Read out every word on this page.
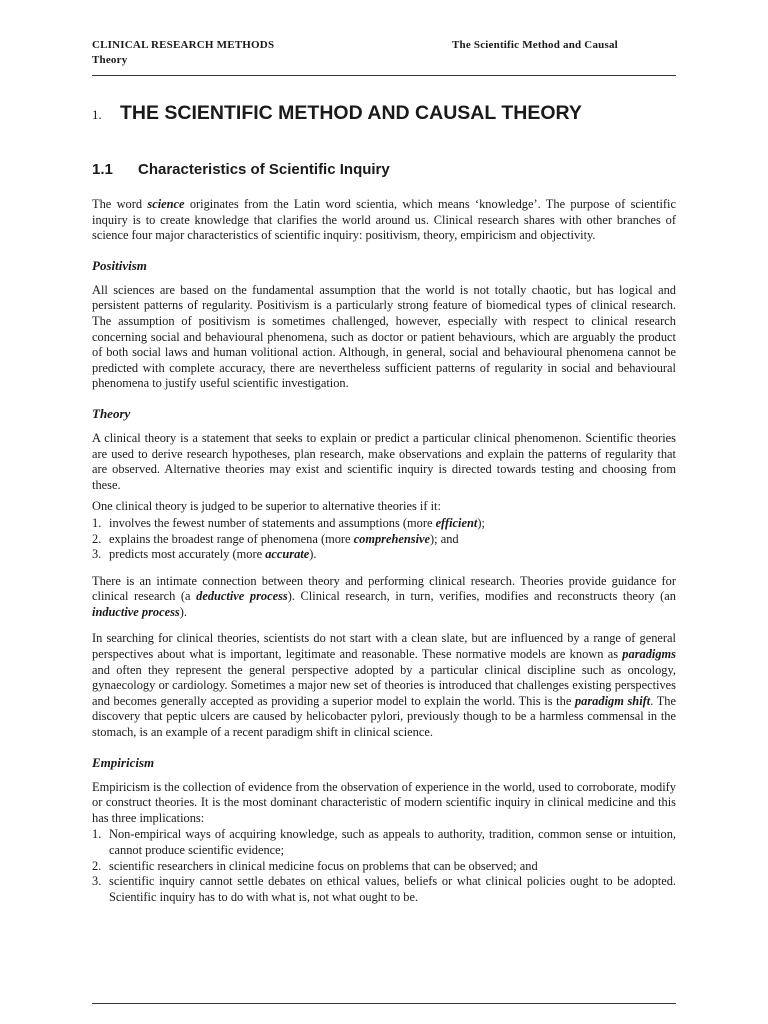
CLINICAL RESEARCH METHODS	The Scientific Method and Causal
Theory
1. THE SCIENTIFIC METHOD AND CAUSAL THEORY
1.1 Characteristics of Scientific Inquiry

The word science originates from the Latin word scientia, which means ‘knowledge’. The purpose of scientific inquiry is to create knowledge that clarifies the world around us. Clinical research shares with other branches of science four major characteristics of scientific inquiry: positivism, theory, empiricism and objectivity.

Positivism

All sciences are based on the fundamental assumption that the world is not totally chaotic, but has logical and persistent patterns of regularity. Positivism is a particularly strong feature of biomedical types of clinical research. The assumption of positivism is sometimes challenged, however, especially with respect to clinical research concerning social and behavioural phenomena, such as doctor or patient behaviours, which are arguably the product of both social laws and human volitional action. Although, in general, social and behavioural phenomena cannot be predicted with complete accuracy, there are nevertheless sufficient patterns of regularity in social and behavioural phenomena to justify useful scientific investigation.

Theory

A clinical theory is a statement that seeks to explain or predict a particular clinical phenomenon. Scientific theories are used to derive research hypotheses, plan research, make observations and explain the patterns of regularity that are observed. Alternative theories may exist and scientific inquiry is directed towards testing and choosing from these.

One clinical theory is judged to be superior to alternative theories if it:

1. involves the fewest number of statements and assumptions (more efficient);
2. explains the broadest range of phenomena (more comprehensive); and
3. predicts most accurately (more accurate).

There is an intimate connection between theory and performing clinical research. Theories provide guidance for clinical research (a deductive process). Clinical research, in turn, verifies, modifies and reconstructs theory (an inductive process).

In searching for clinical theories, scientists do not start with a clean slate, but are influenced by a range of general perspectives about what is important, legitimate and reasonable. These normative models are known as paradigms and often they represent the general perspective adopted by a particular clinical discipline such as oncology, gynaecology or cardiology. Sometimes a major new set of theories is introduced that challenges existing perspectives and becomes generally accepted as providing a superior model to explain the world. This is the paradigm shift. The discovery that peptic ulcers are caused by helicobacter pylori, previously though to be a harmless commensal in the stomach, is an example of a recent paradigm shift in clinical science.

Empiricism

Empiricism is the collection of evidence from the observation of experience in the world, used to corroborate, modify or construct theories. It is the most dominant characteristic of modern scientific inquiry in clinical medicine and this has three implications:

1. Non-empirical ways of acquiring knowledge, such as appeals to authority, tradition, common sense or intuition, cannot produce scientific evidence;
2. scientific researchers in clinical medicine focus on problems that can be observed; and
3. scientific inquiry cannot settle debates on ethical values, beliefs or what clinical policies ought to be adopted. Scientific inquiry has to do with what is, not what ought to be.
